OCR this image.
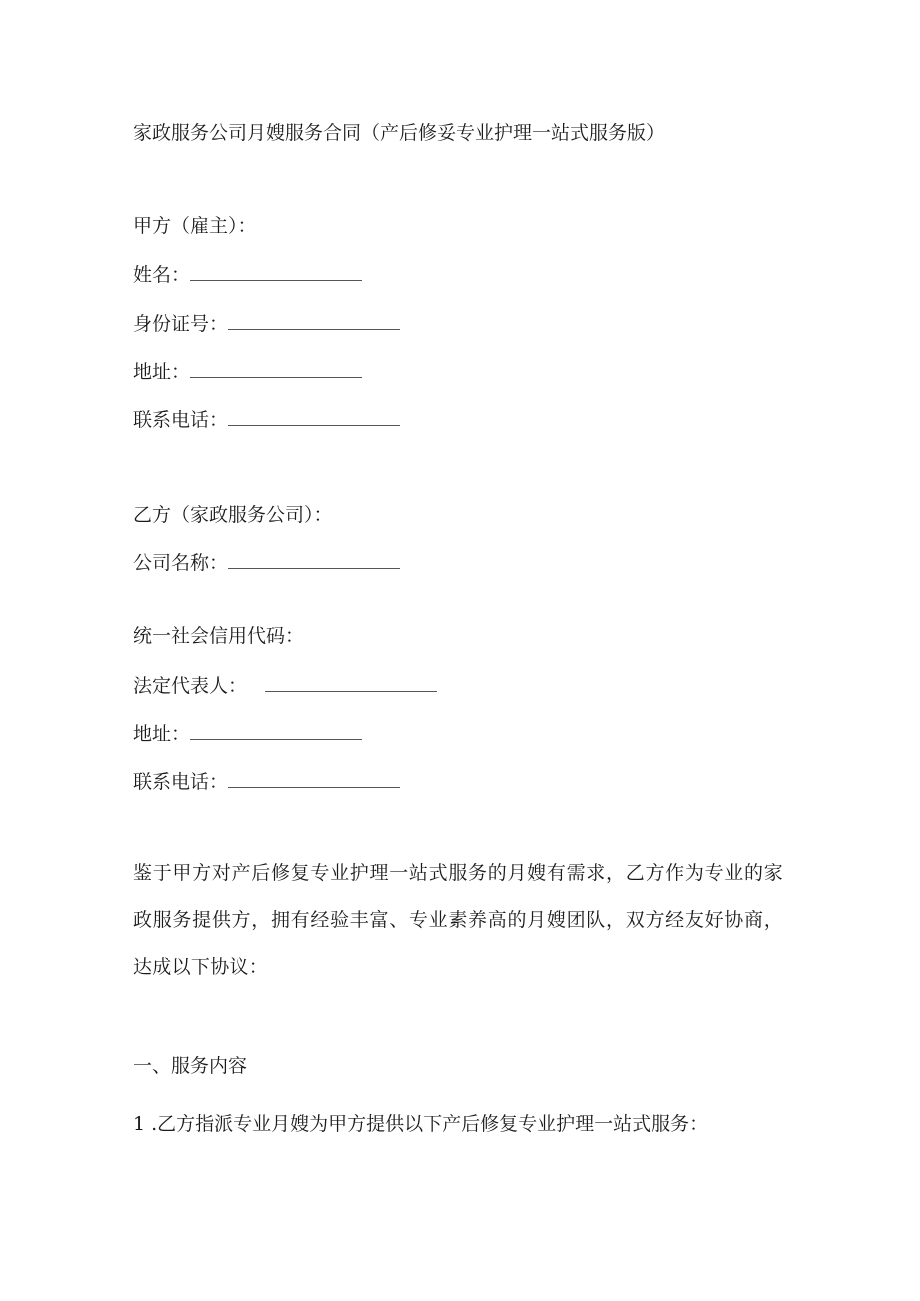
家政服务公司月嫂服务合同（产后修妥专业护理一站式服务版）
甲方（雇主）：
姓名：
身份证号：
地址：
联系电话：
乙方（家政服务公司）：
公司名称：
统一社会信用代码：
法定代表人：
地址：
联系电话：
鉴于甲方对产后修复专业护理一站式服务的月嫂有需求，乙方作为专业的家政服务提供方，拥有经验丰富、专业素养高的月嫂团队，双方经友好协商，达成以下协议：
一、服务内容
1 .乙方指派专业月嫂为甲方提供以下产后修复专业护理一站式服务：
